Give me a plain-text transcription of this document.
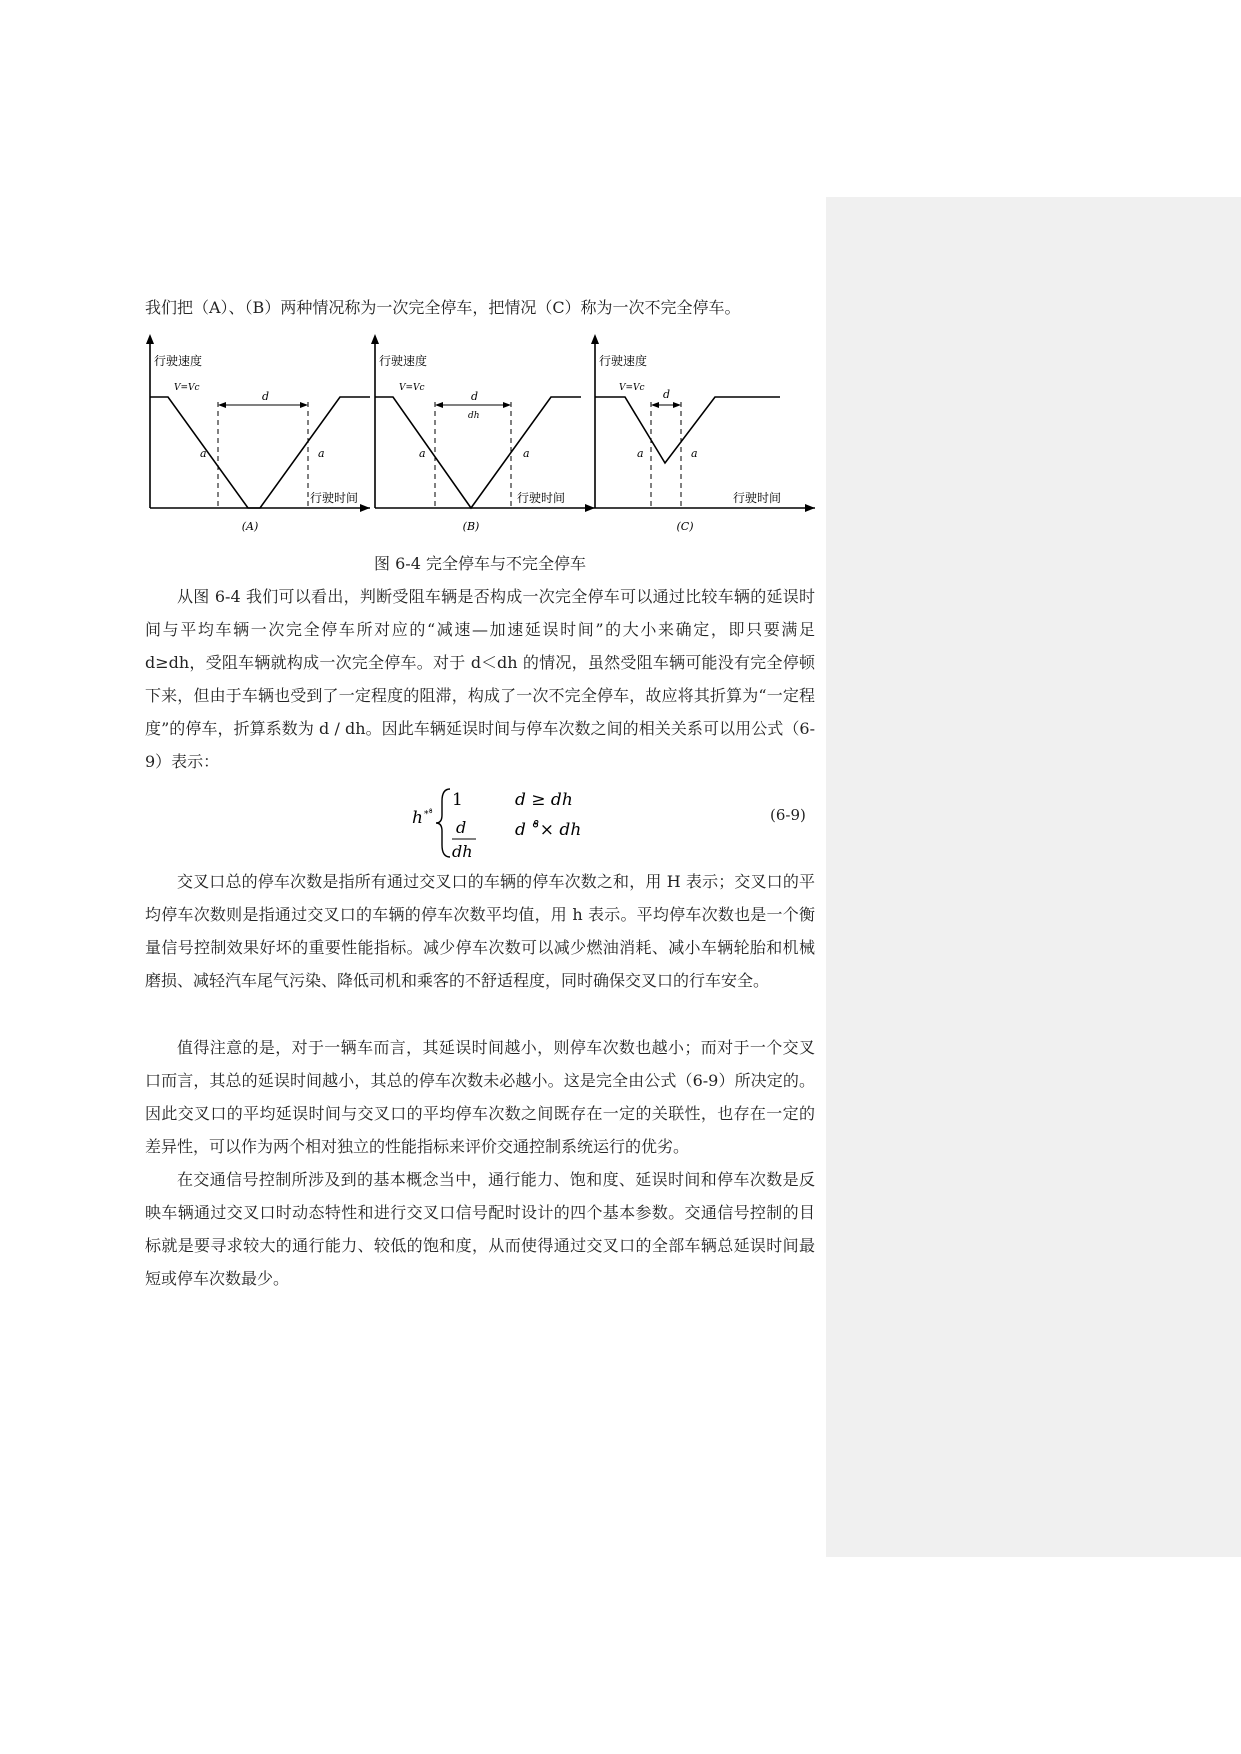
我们把（A）、（B）两种情况称为一次完全停车，把情况（C）称为一次不完全停车。

行驶速度
V=Vc
d
a	a
行驶时间
(A)
行驶速度
V=Vc
d
dh
a	a
行驶时间
(B)
行驶速度
V=Vc d
a	a
行驶时间
(C)
图 6-4 完全停车与不完全停车

从图 6-4 我们可以看出，判断受阻车辆是否构成一次完全停车可以通过比较车辆的延误时间与平均车辆一次完全停车所对应的“减速—加速延误时间”的大小来确定，即只要满足 d≥dh，受阻车辆就构成一次完全停车。对于 d＜dh 的情况，虽然受阻车辆可能没有完全停顿下来，但由于车辆也受到了一定程度的阻滞，构成了一次不完全停车，故应将其折算为“一定程度”的停车，折算系数为 d / dh。因此车辆延误时间与停车次数之间的相关关系可以用公式（6-9）表示：

h *°̊
1	d ≥ dh
d
dh
d °̊× dh
(6-9)

交叉口总的停车次数是指所有通过交叉口的车辆的停车次数之和，用 H 表示；交叉口的平均停车次数则是指通过交叉口的车辆的停车次数平均值，用 h 表示。平均停车次数也是一个衡量信号控制效果好坏的重要性能指标。减少停车次数可以减少燃油消耗、减小车辆轮胎和机械磨损、减轻汽车尾气污染、降低司机和乘客的不舒适程度，同时确保交叉口的行车安全。

值得注意的是，对于一辆车而言，其延误时间越小，则停车次数也越小；而对于一个交叉口而言，其总的延误时间越小，其总的停车次数未必越小。这是完全由公式（6-9）所决定的。因此交叉口的平均延误时间与交叉口的平均停车次数之间既存在一定的关联性，也存在一定的差异性，可以作为两个相对独立的性能指标来评价交通控制系统运行的优劣。

在交通信号控制所涉及到的基本概念当中，通行能力、饱和度、延误时间和停车次数是反映车辆通过交叉口时动态特性和进行交叉口信号配时设计的四个基本参数。交通信号控制的目标就是要寻求较大的通行能力、较低的饱和度，从而使得通过交叉口的全部车辆总延误时间最短或停车次数最少。
